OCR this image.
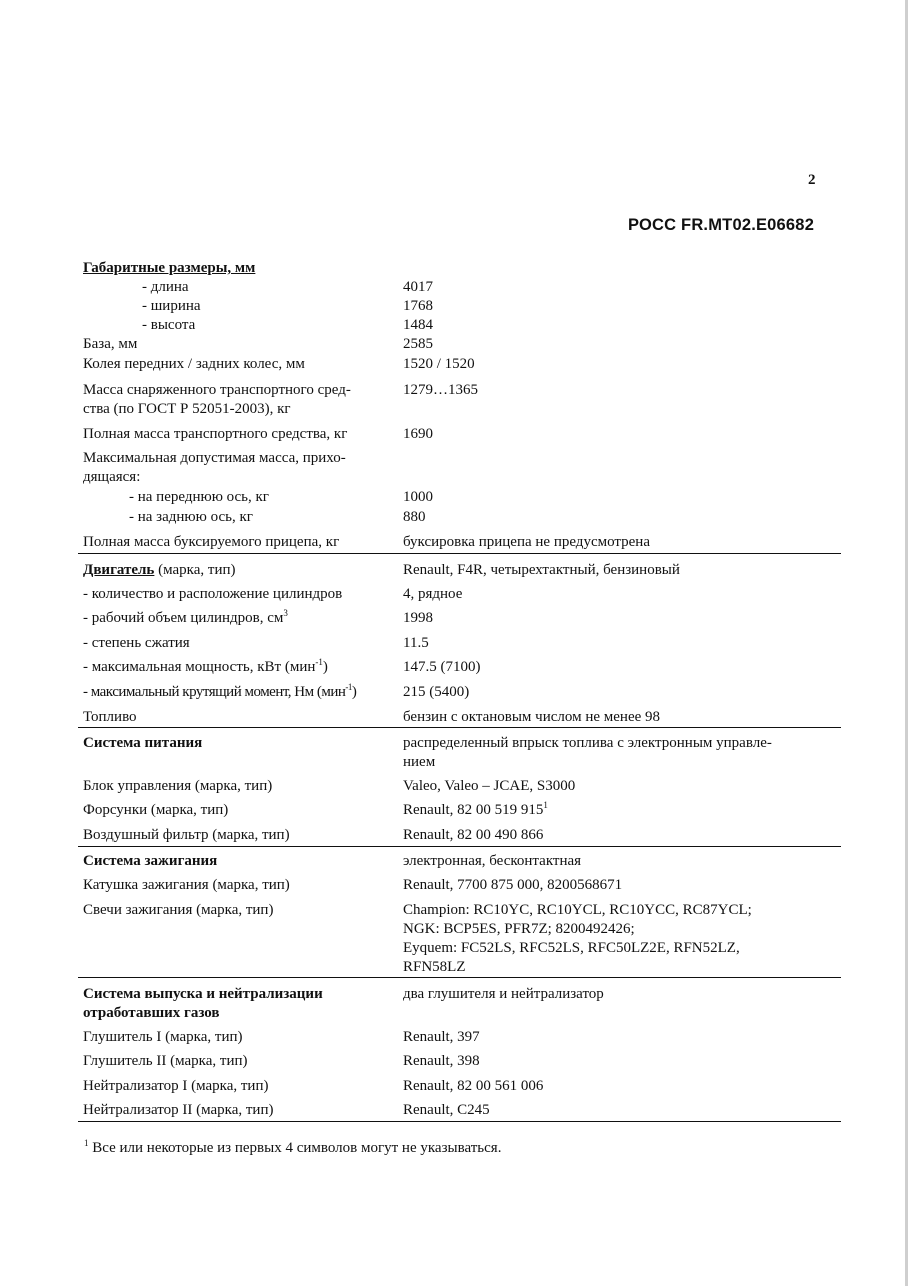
2
РОСС FR.МТ02.Е06682
Габаритные размеры, мм
- длина	4017
- ширина	1768
- высота	1484
База, мм	2585
Колея передних / задних колес, мм	1520 / 1520
Масса снаряженного транспортного сред-	1279…1365
ства (по ГОСТ Р 52051-2003), кг
Полная масса транспортного средства, кг	1690
Максимальная допустимая масса, прихо-
дящаяся:
- на переднюю ось, кг	1000
- на заднюю ось, кг	880
Полная масса буксируемого прицепа, кг	буксировка прицепа не предусмотрена
Двигатель (марка, тип)	Renault, F4R, четырехтактный, бензиновый
- количество и расположение цилиндров	4, рядное
- рабочий объем цилиндров, $см^3$	1998
- степень сжатия	11.5
- максимальная мощность, кВт (мин$^{-1}$)	147.5 (7100)
- максимальный крутящий момент, Нм (мин$^{-1}$)	215 (5400)
Топливо	бензин с октановым числом не менее 98
Система питания	распределенный впрыск топлива с электронным управле-
нием
Блок управления (марка, тип)	Valeo, Valeo – JCAE, S3000
Форсунки (марка, тип)	Renault, 82 00 519 $915^1$
Воздушный фильтр (марка, тип)	Renault, 82 00 490 866
Система зажигания	электронная, бесконтактная
Катушка зажигания (марка, тип)	Renault, 7700 875 000, 8200568671
Свечи зажигания (марка, тип)	Champion: RC10YC, RC10YCL, RC10YCC, RC87YCL;
NGK: BCP5ES, PFR7Z; 8200492426;
Eyquem: FC52LS, RFC52LS, RFC50LZ2E, RFN52LZ,
RFN58LZ
Система выпуска и нейтрализации	два глушителя и нейтрализатор
отработавших газов
Глушитель I (марка, тип)	Renault, 397
Глушитель II (марка, тип)	Renault, 398
Нейтрализатор I (марка, тип)	Renault, 82 00 561 006
Нейтрализатор II (марка, тип)	Renault, C245
$^1$ Все или некоторые из первых 4 символов могут не указываться.
